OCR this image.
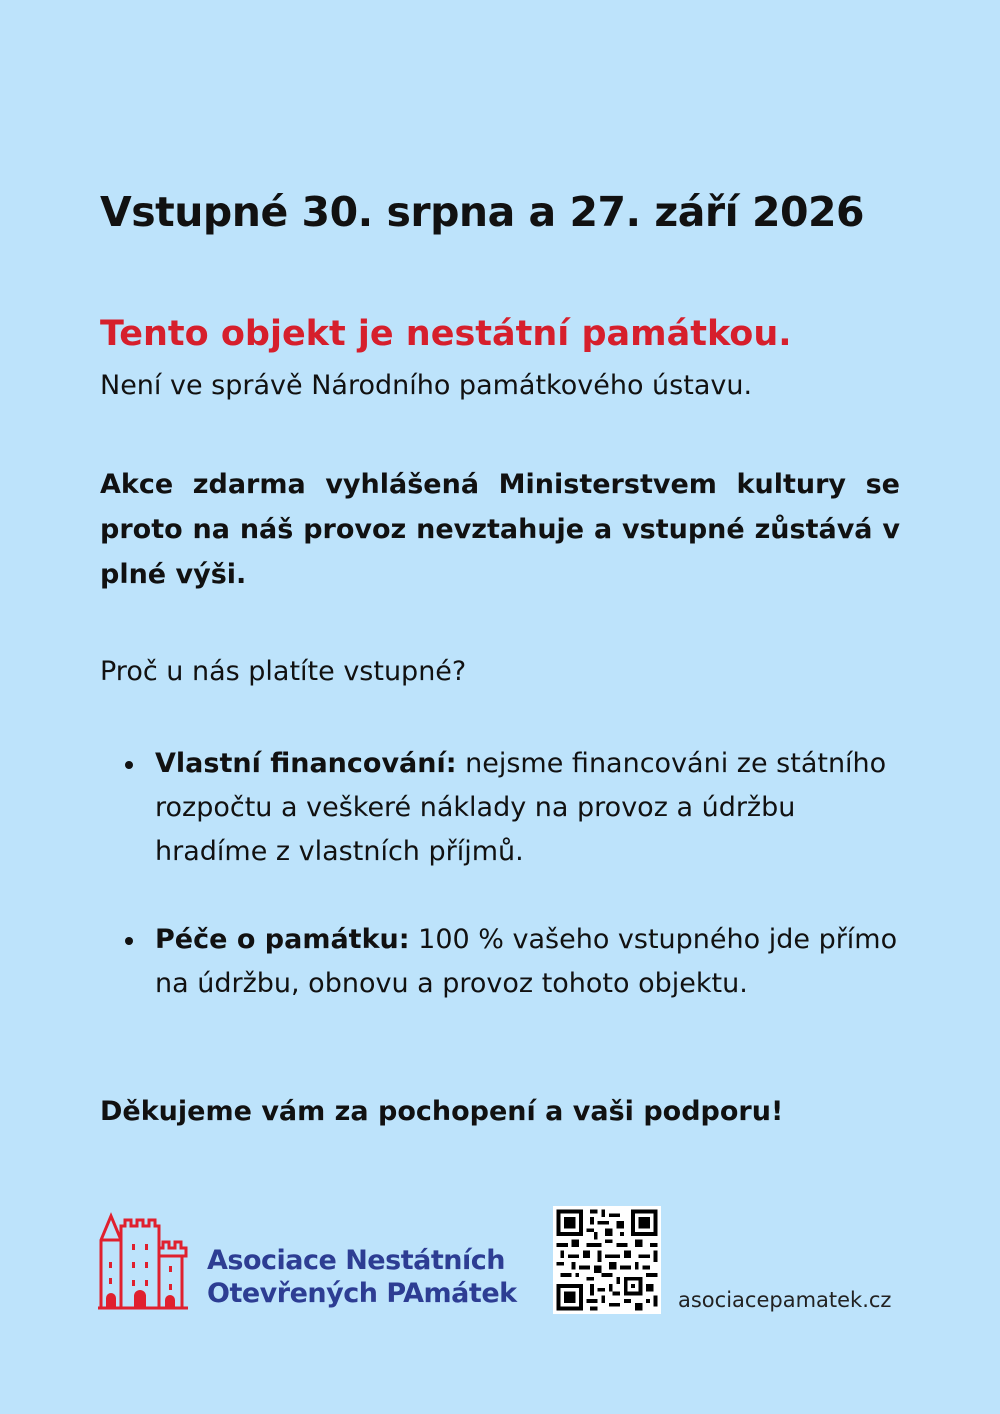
Vstupné 30. srpna a 27. září 2026
Tento objekt je nestátní památkou.

Není ve správě Národního památkového ústavu.

Akce zdarma vyhlášená Ministerstvem kultury se proto na náš provoz nevztahuje a vstupné zůstává v plné výši.

Proč u nás platíte vstupné?

Vlastní financování: nejsme financováni ze státního rozpočtu a veškeré náklady na provoz a údržbu hradíme z vlastních příjmů.

Péče o památku: 100 % vašeho vstupného jde přímo na údržbu, obnovu a provoz tohoto objektu.

Děkujeme vám za pochopení a vaši podporu!

Asociace Nestátních
Otevřených PAmátek	asociacepamatek.cz
